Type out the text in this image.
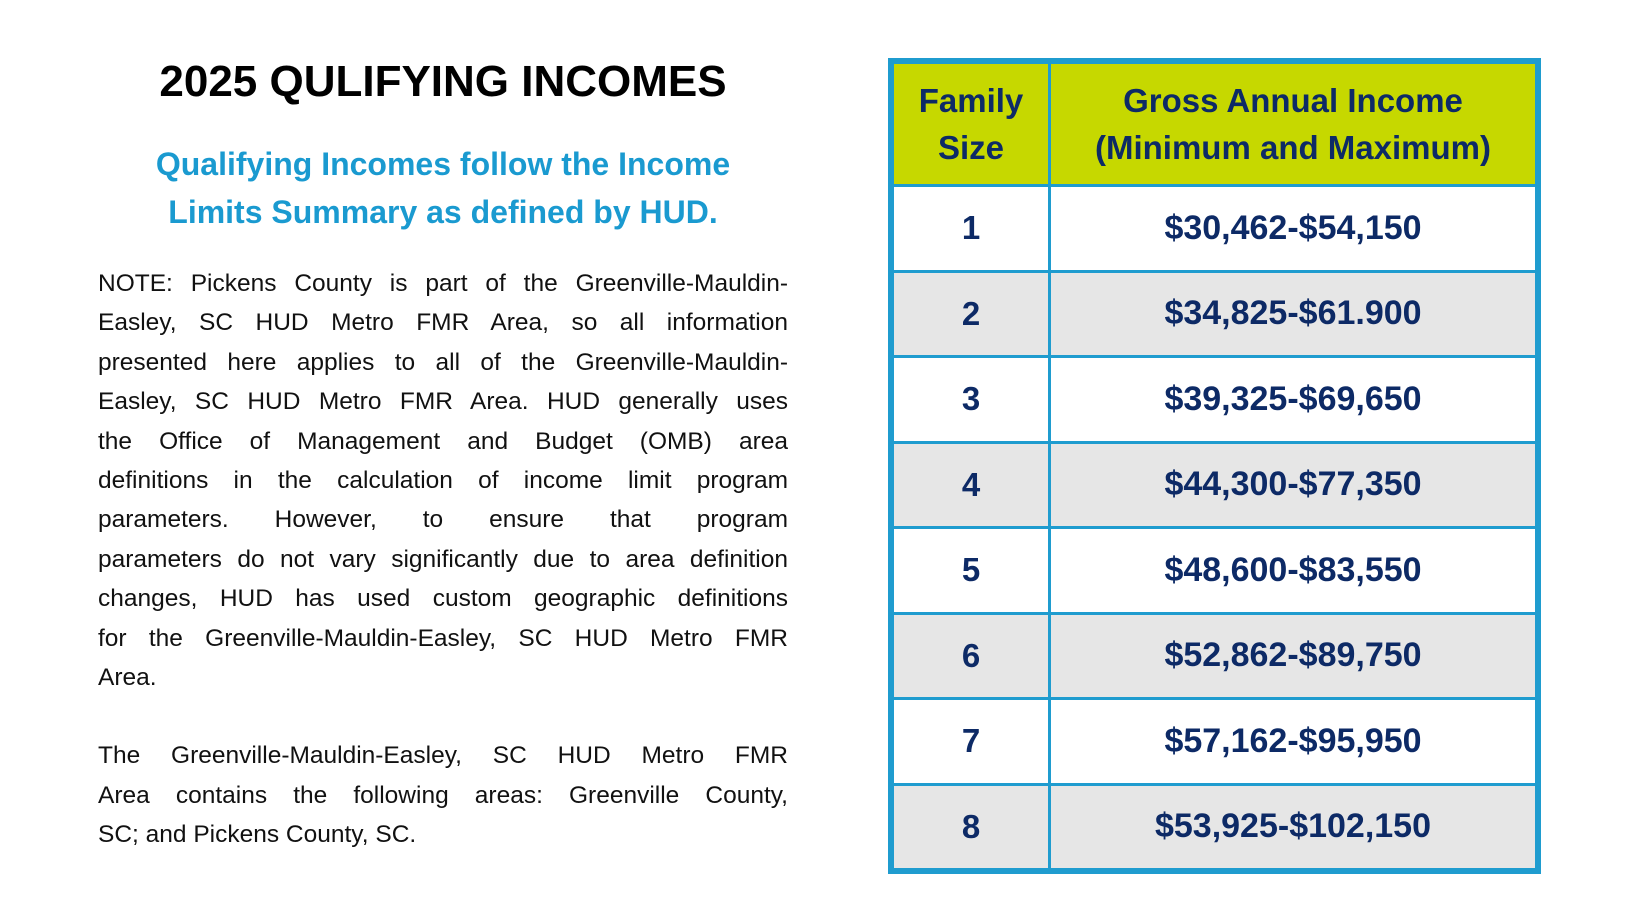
2025 QULIFYING INCOMES

Qualifying Incomes follow the Income
Limits Summary as defined by HUD.

NOTE: Pickens County is part of the Greenville-Mauldin-
Easley, SC HUD Metro FMR Area, so all information
presented here applies to all of the Greenville-Mauldin-
Easley, SC HUD Metro FMR Area. HUD generally uses
the Office of Management and Budget (OMB) area
definitions in the calculation of income limit program
parameters. However, to ensure that program
parameters do not vary significantly due to area definition
changes, HUD has used custom geographic definitions
for the Greenville-Mauldin-Easley, SC HUD Metro FMR
Area.

The Greenville-Mauldin-Easley, SC HUD Metro FMR
Area contains the following areas: Greenville County,
SC; and Pickens County, SC.

Family
Size	Gross Annual Income
(Minimum and Maximum)
1	$30,462-$54,150
2	$34,825-$61.900
3	$39,325-$69,650
4	$44,300-$77,350
5	$48,600-$83,550
6	$52,862-$89,750
7	$57,162-$95,950
8	$53,925-$102,150
